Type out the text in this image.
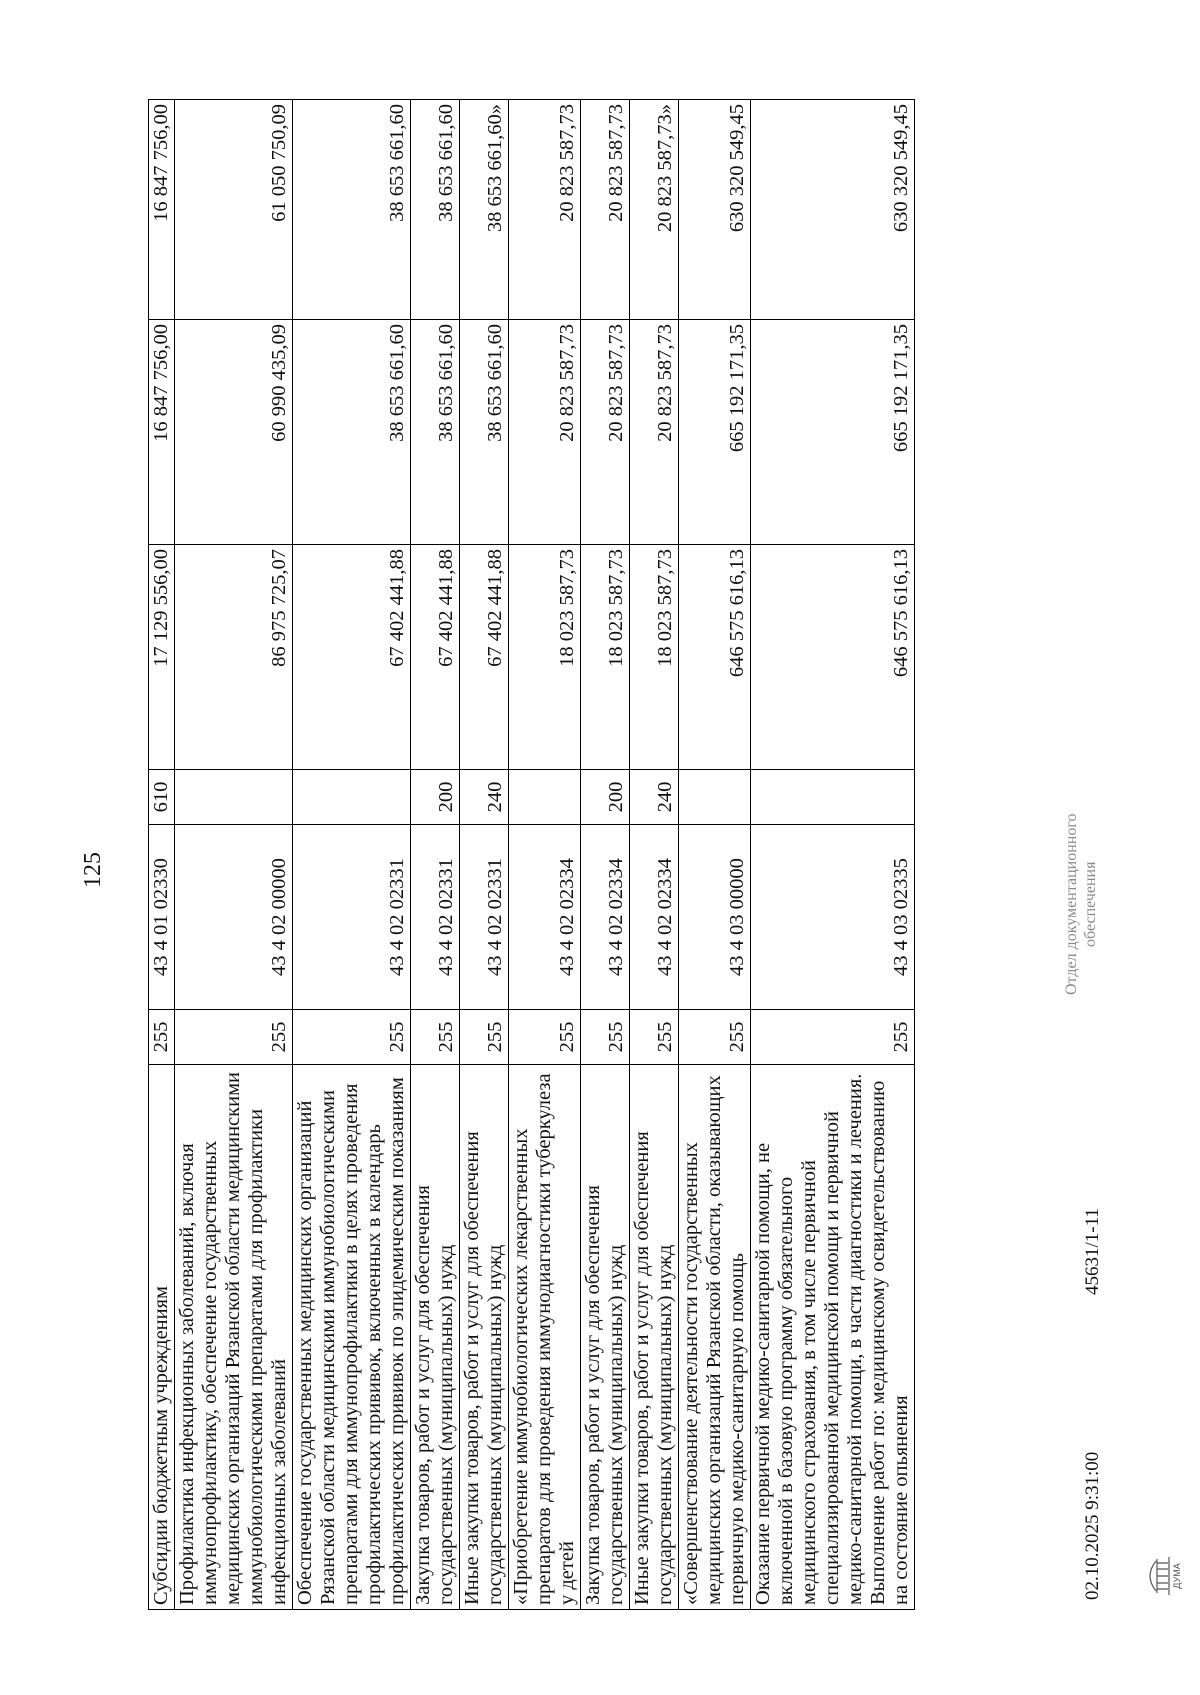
125
Субсидии бюджетным учреждениям	255	43 4 01 02330	610	17 129 556,00	16 847 756,00	16 847 756,00
Профилактика инфекционных заболеваний, включая иммунопрофилактику, обеспечение государственных медицинских организаций Рязанской области медицинскими иммунобиологическими препаратами для профилактики инфекционных заболеваний	255	43 4 02 00000		86 975 725,07	60 990 435,09	61 050 750,09
Обеспечение государственных медицинских организаций Рязанской области медицинскими иммунобиологическими препаратами для иммунопрофилактики в целях проведения профилактических прививок, включенных в календарь профилактических прививок по эпидемическим показаниям	255	43 4 02 02331		67 402 441,88	38 653 661,60	38 653 661,60
Закупка товаров, работ и услуг для обеспечения государственных (муниципальных) нужд	255	43 4 02 02331	200	67 402 441,88	38 653 661,60	38 653 661,60
Иные закупки товаров, работ и услуг для обеспечения государственных (муниципальных) нужд	255	43 4 02 02331	240	67 402 441,88	38 653 661,60	38 653 661,60»
«Приобретение иммунобиологических лекарственных препаратов для проведения иммунодиагностики туберкулеза у детей	255	43 4 02 02334		18 023 587,73	20 823 587,73	20 823 587,73
Закупка товаров, работ и услуг для обеспечения государственных (муниципальных) нужд	255	43 4 02 02334	200	18 023 587,73	20 823 587,73	20 823 587,73
Иные закупки товаров, работ и услуг для обеспечения государственных (муниципальных) нужд	255	43 4 02 02334	240	18 023 587,73	20 823 587,73	20 823 587,73»
«Совершенствование деятельности государственных медицинских организаций Рязанской области, оказывающих первичную медико-санитарную помощь	255	43 4 03 00000		646 575 616,13	665 192 171,35	630 320 549,45
Оказание первичной медико-санитарной помощи, не включенной в базовую программу обязательного медицинского страхования, в том числе первичной специализированной медицинской помощи и первичной медико-санитарной помощи, в части диагностики и лечения. Выполнение работ по: медицинскому освидетельствованию на состояние опьянения	255	43 4 03 02335		646 575 616,13	665 192 171,35	630 320 549,45
ДУМА
02.10.2025 9:31:00
45631/1-11
Отдел документационного обеспечения
